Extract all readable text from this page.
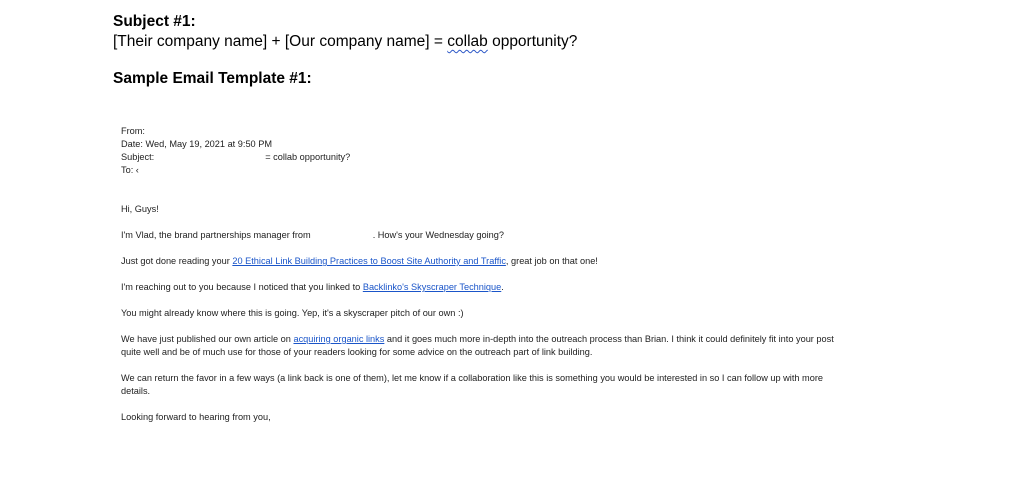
Subject #1:
[Their company name] + [Our company name] = collab opportunity?
Sample Email Template #1:
From:
Date: Wed, May 19, 2021 at 9:50 PM
Subject:	= collab opportunity?
To: ‹

Hi, Guys!

I'm Vlad, the brand partnerships manager from	. How's your Wednesday going?

Just got done reading your 20 Ethical Link Building Practices to Boost Site Authority and Traffic, great job on that one!

I'm reaching out to you because I noticed that you linked to Backlinko's Skyscraper Technique.

You might already know where this is going. Yep, it's a skyscraper pitch of our own :)

We have just published our own article on acquiring organic links and it goes much more in-depth into the outreach process than Brian. I think it could definitely fit into your post

quite well and be of much use for those of your readers looking for some advice on the outreach part of link building.

We can return the favor in a few ways (a link back is one of them), let me know if a collaboration like this is something you would be interested in so I can follow up with more

details.

Looking forward to hearing from you,
